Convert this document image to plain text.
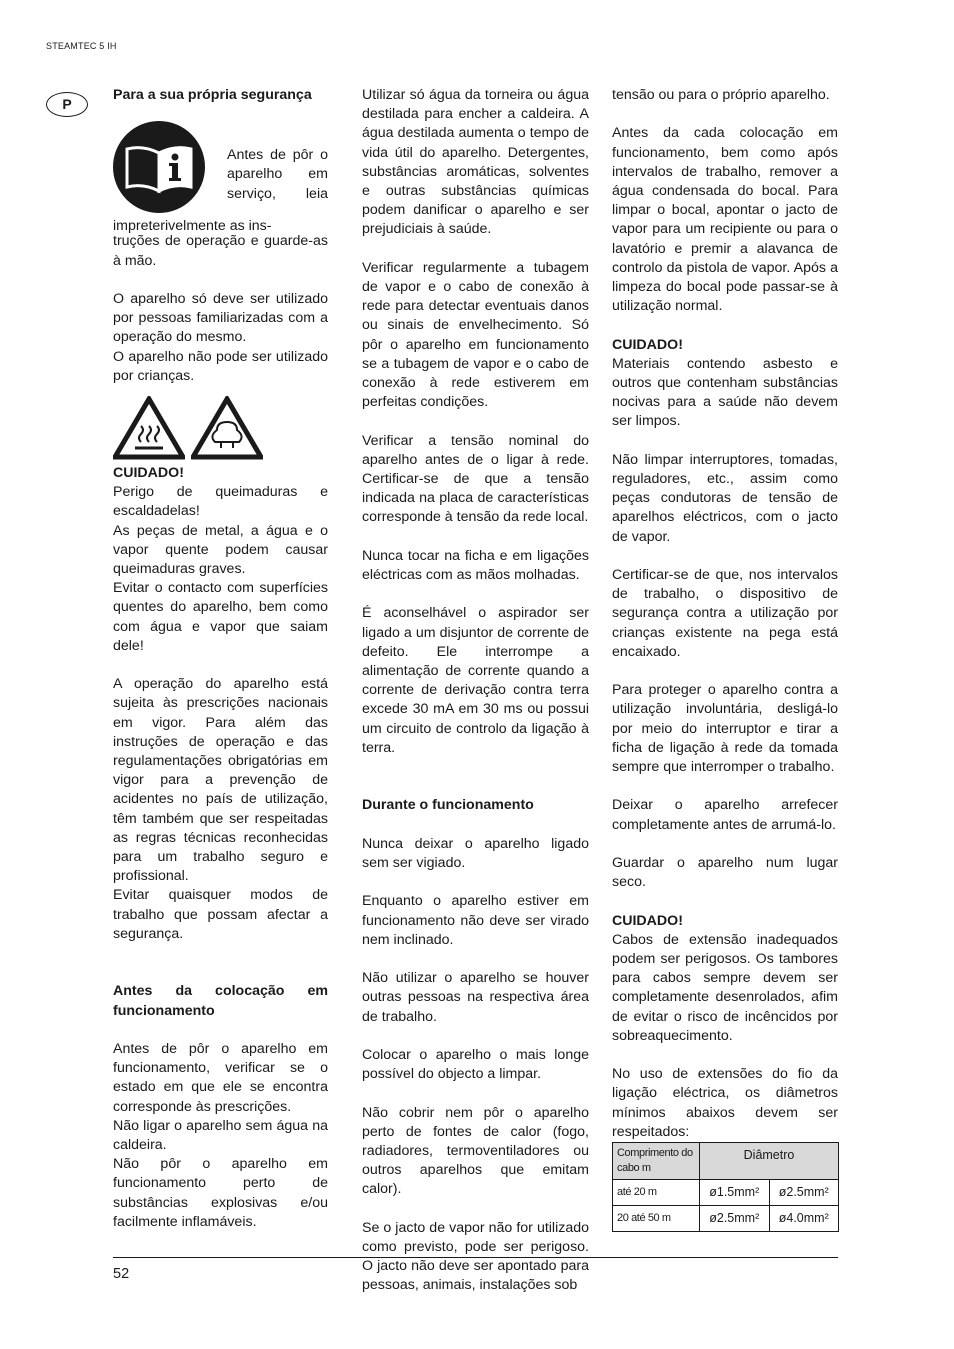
STEAMTEC 5 IH
P

Para a sua própria segurança

Antes de pôr o aparelho em serviço, leia impreterivelmente as ins-

truções de operação e guarde-as à mão.

O aparelho só deve ser utilizado por pessoas familiarizadas com a operação do mesmo.

O aparelho não pode ser utilizado por crianças.

CUIDADO!

Perigo de queimaduras e escaldadelas!

As peças de metal, a água e o vapor quente podem causar queimaduras graves.

Evitar o contacto com superfícies quentes do aparelho, bem como com água e vapor que saiam dele!

A operação do aparelho está sujeita às prescrições nacionais em vigor. Para além das instruções de operação e das regulamentações obrigatórias em vigor para a prevenção de acidentes no país de utilização, têm também que ser respeitadas as regras técnicas reconhecidas para um trabalho seguro e profissional.

Evitar quaisquer modos de trabalho que possam afectar a segurança.

Antes da colocação em funcionamento

Antes de pôr o aparelho em funcionamento, verificar se o estado em que ele se encontra corresponde às prescrições.

Não ligar o aparelho sem água na caldeira.

Não pôr o aparelho em funcionamento perto de substâncias explosivas e/ou facilmente inflamáveis.

Utilizar só água da torneira ou água destilada para encher a caldeira. A água destilada aumenta o tempo de vida útil do aparelho. Detergentes, substâncias aromáticas, solventes e outras substâncias químicas podem danificar o aparelho e ser prejudiciais à saúde.

Verificar regularmente a tubagem de vapor e o cabo de conexão à rede para detectar eventuais danos ou sinais de envelhecimento. Só pôr o aparelho em funcionamento se a tubagem de vapor e o cabo de conexão à rede estiverem em perfeitas condições.

Verificar a tensão nominal do aparelho antes de o ligar à rede. Certificar-se de que a tensão indicada na placa de características corresponde à tensão da rede local.

Nunca tocar na ficha e em ligações eléctricas com as mãos molhadas.

É aconselhável o aspirador ser ligado a um disjuntor de corrente de defeito. Ele interrompe a alimentação de corrente quando a corrente de derivação contra terra excede 30 mA em 30 ms ou possui um circuito de controlo da ligação à terra.

Durante o funcionamento

Nunca deixar o aparelho ligado sem ser vigiado.

Enquanto o aparelho estiver em funcionamento não deve ser virado nem inclinado.

Não utilizar o aparelho se houver outras pessoas na respectiva área de trabalho.

Colocar o aparelho o mais longe possível do objecto a limpar.

Não cobrir nem pôr o aparelho perto de fontes de calor (fogo, radiadores, termoventiladores ou outros aparelhos que emitam calor).

Se o jacto de vapor não for utilizado como previsto, pode ser perigoso. O jacto não deve ser apontado para pessoas, animais, instalações sob

tensão ou para o próprio aparelho.

Antes da cada colocação em funcionamento, bem como após intervalos de trabalho, remover a água condensada do bocal. Para limpar o bocal, apontar o jacto de vapor para um recipiente ou para o lavatório e premir a alavanca de controlo da pistola de vapor. Após a limpeza do bocal pode passar-se à utilização normal.

CUIDADO!

Materiais contendo asbesto e outros que contenham substâncias nocivas para a saúde não devem ser limpos.

Não limpar interruptores, tomadas, reguladores, etc., assim como peças condutoras de tensão de aparelhos eléctricos, com o jacto de vapor.

Certificar-se de que, nos intervalos de trabalho, o dispositivo de segurança contra a utilização por crianças existente na pega está encaixado.

Para proteger o aparelho contra a utilização involuntária, desligá-lo por meio do interruptor e tirar a ficha de ligação à rede da tomada sempre que interromper o trabalho.

Deixar o aparelho arrefecer completamente antes de arrumá-lo.

Guardar o aparelho num lugar seco.

CUIDADO!

Cabos de extensão inadequados podem ser perigosos. Os tambores para cabos sempre devem ser completamente desenrolados, afim de evitar o risco de incêncidos por sobreaquecimento.

No uso de extensões do fio da ligação eléctrica, os diâmetros mínimos abaixos devem ser respeitados:

Comprimento do cabo m	Diâmetro	
até 20 m	ø1.5mm²	ø2.5mm²
20 até 50 m	ø2.5mm²	ø4.0mm²
52
